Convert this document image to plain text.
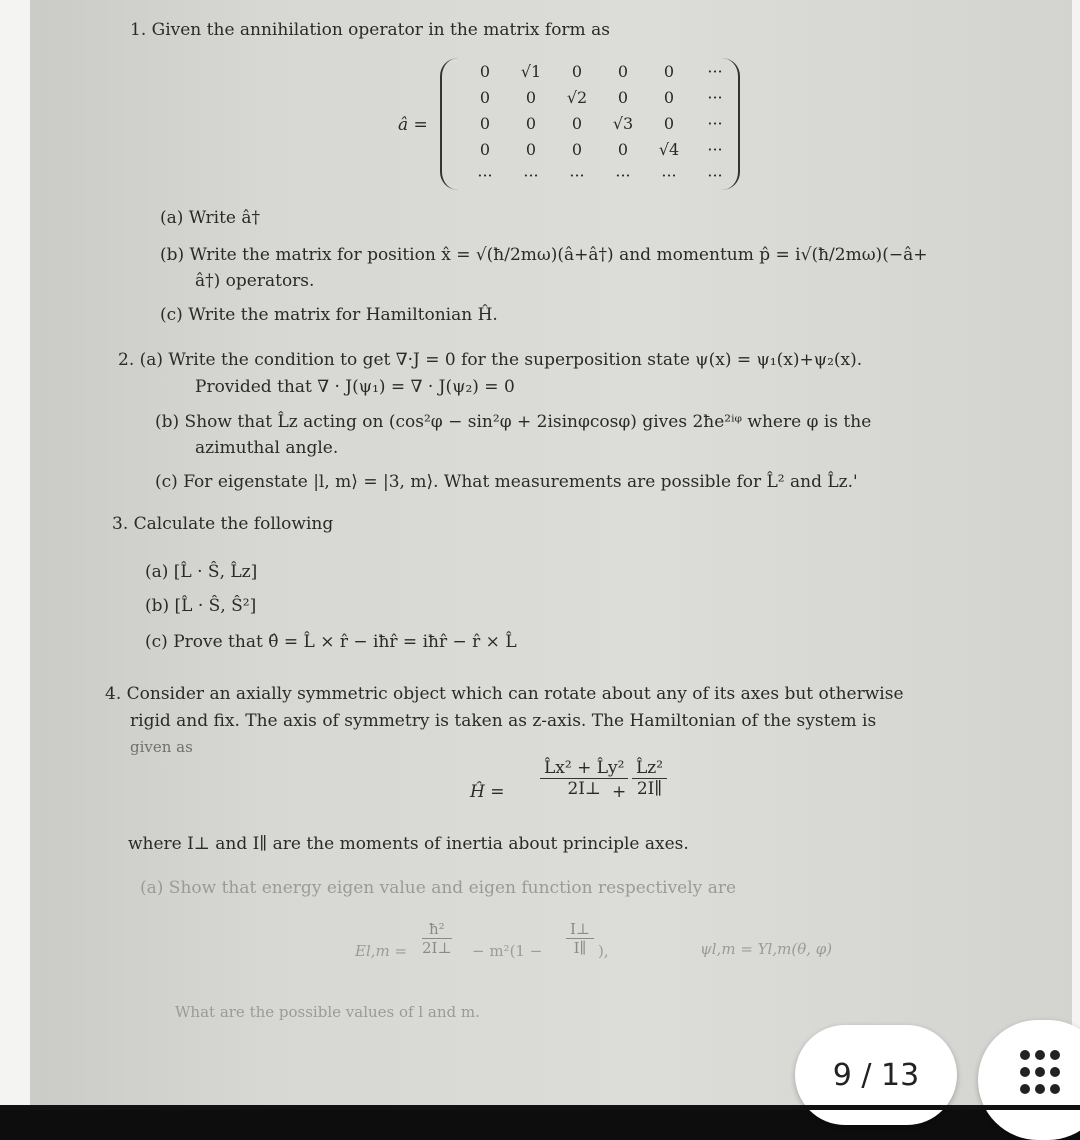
1. Given the annihilation operator in the matrix form as
â =
0	√1	0	0	0	···
0	0	√2	0	0	···
0	0	0	√3	0	···
0	0	0	0	√4	···
···	···	···	···	···	···
(a) Write â†
(b) Write the matrix for position x̂ = √(ħ/2mω)(â+â†) and momentum p̂ = i√(ħ/2mω)(−â+
â†) operators.
(c) Write the matrix for Hamiltonian Ĥ.
2. (a) Write the condition to get ∇·J = 0 for the superposition state ψ(x) = ψ₁(x)+ψ₂(x).
Provided that ∇ · J(ψ₁) = ∇ · J(ψ₂) = 0
(b) Show that L̂z acting on (cos²φ − sin²φ + 2isinφcosφ) gives 2ħe²ⁱᵠ where φ is the
azimuthal angle.
(c) For eigenstate |l, m⟩ = |3, m⟩. What measurements are possible for L̂² and L̂z.'
3. Calculate the following
(a) [L̂ · Ŝ, L̂z]
(b) [L̂ · Ŝ, Ŝ²]
(c) Prove that θ̂ = L̂ × r̂ − iħr̂ = iħr̂ − r̂ × L̂
4. Consider an axially symmetric object which can rotate about any of its axes but otherwise
rigid and fix. The axis of symmetry is taken as z-axis. The Hamiltonian of the system is
given as
Ĥ =
L̂x² + L̂y²
2I⊥ +
L̂z²
2I∥
where I⊥ and I∥ are the moments of inertia about principle axes.
(a) Show that energy eigen value and eigen function respectively are
El,m =
ħ²
2I⊥ − m²(1 −
I⊥
I∥ ),	ψl,m = Yl,m(θ, φ)
What are the possible values of l and m.
9 / 13
